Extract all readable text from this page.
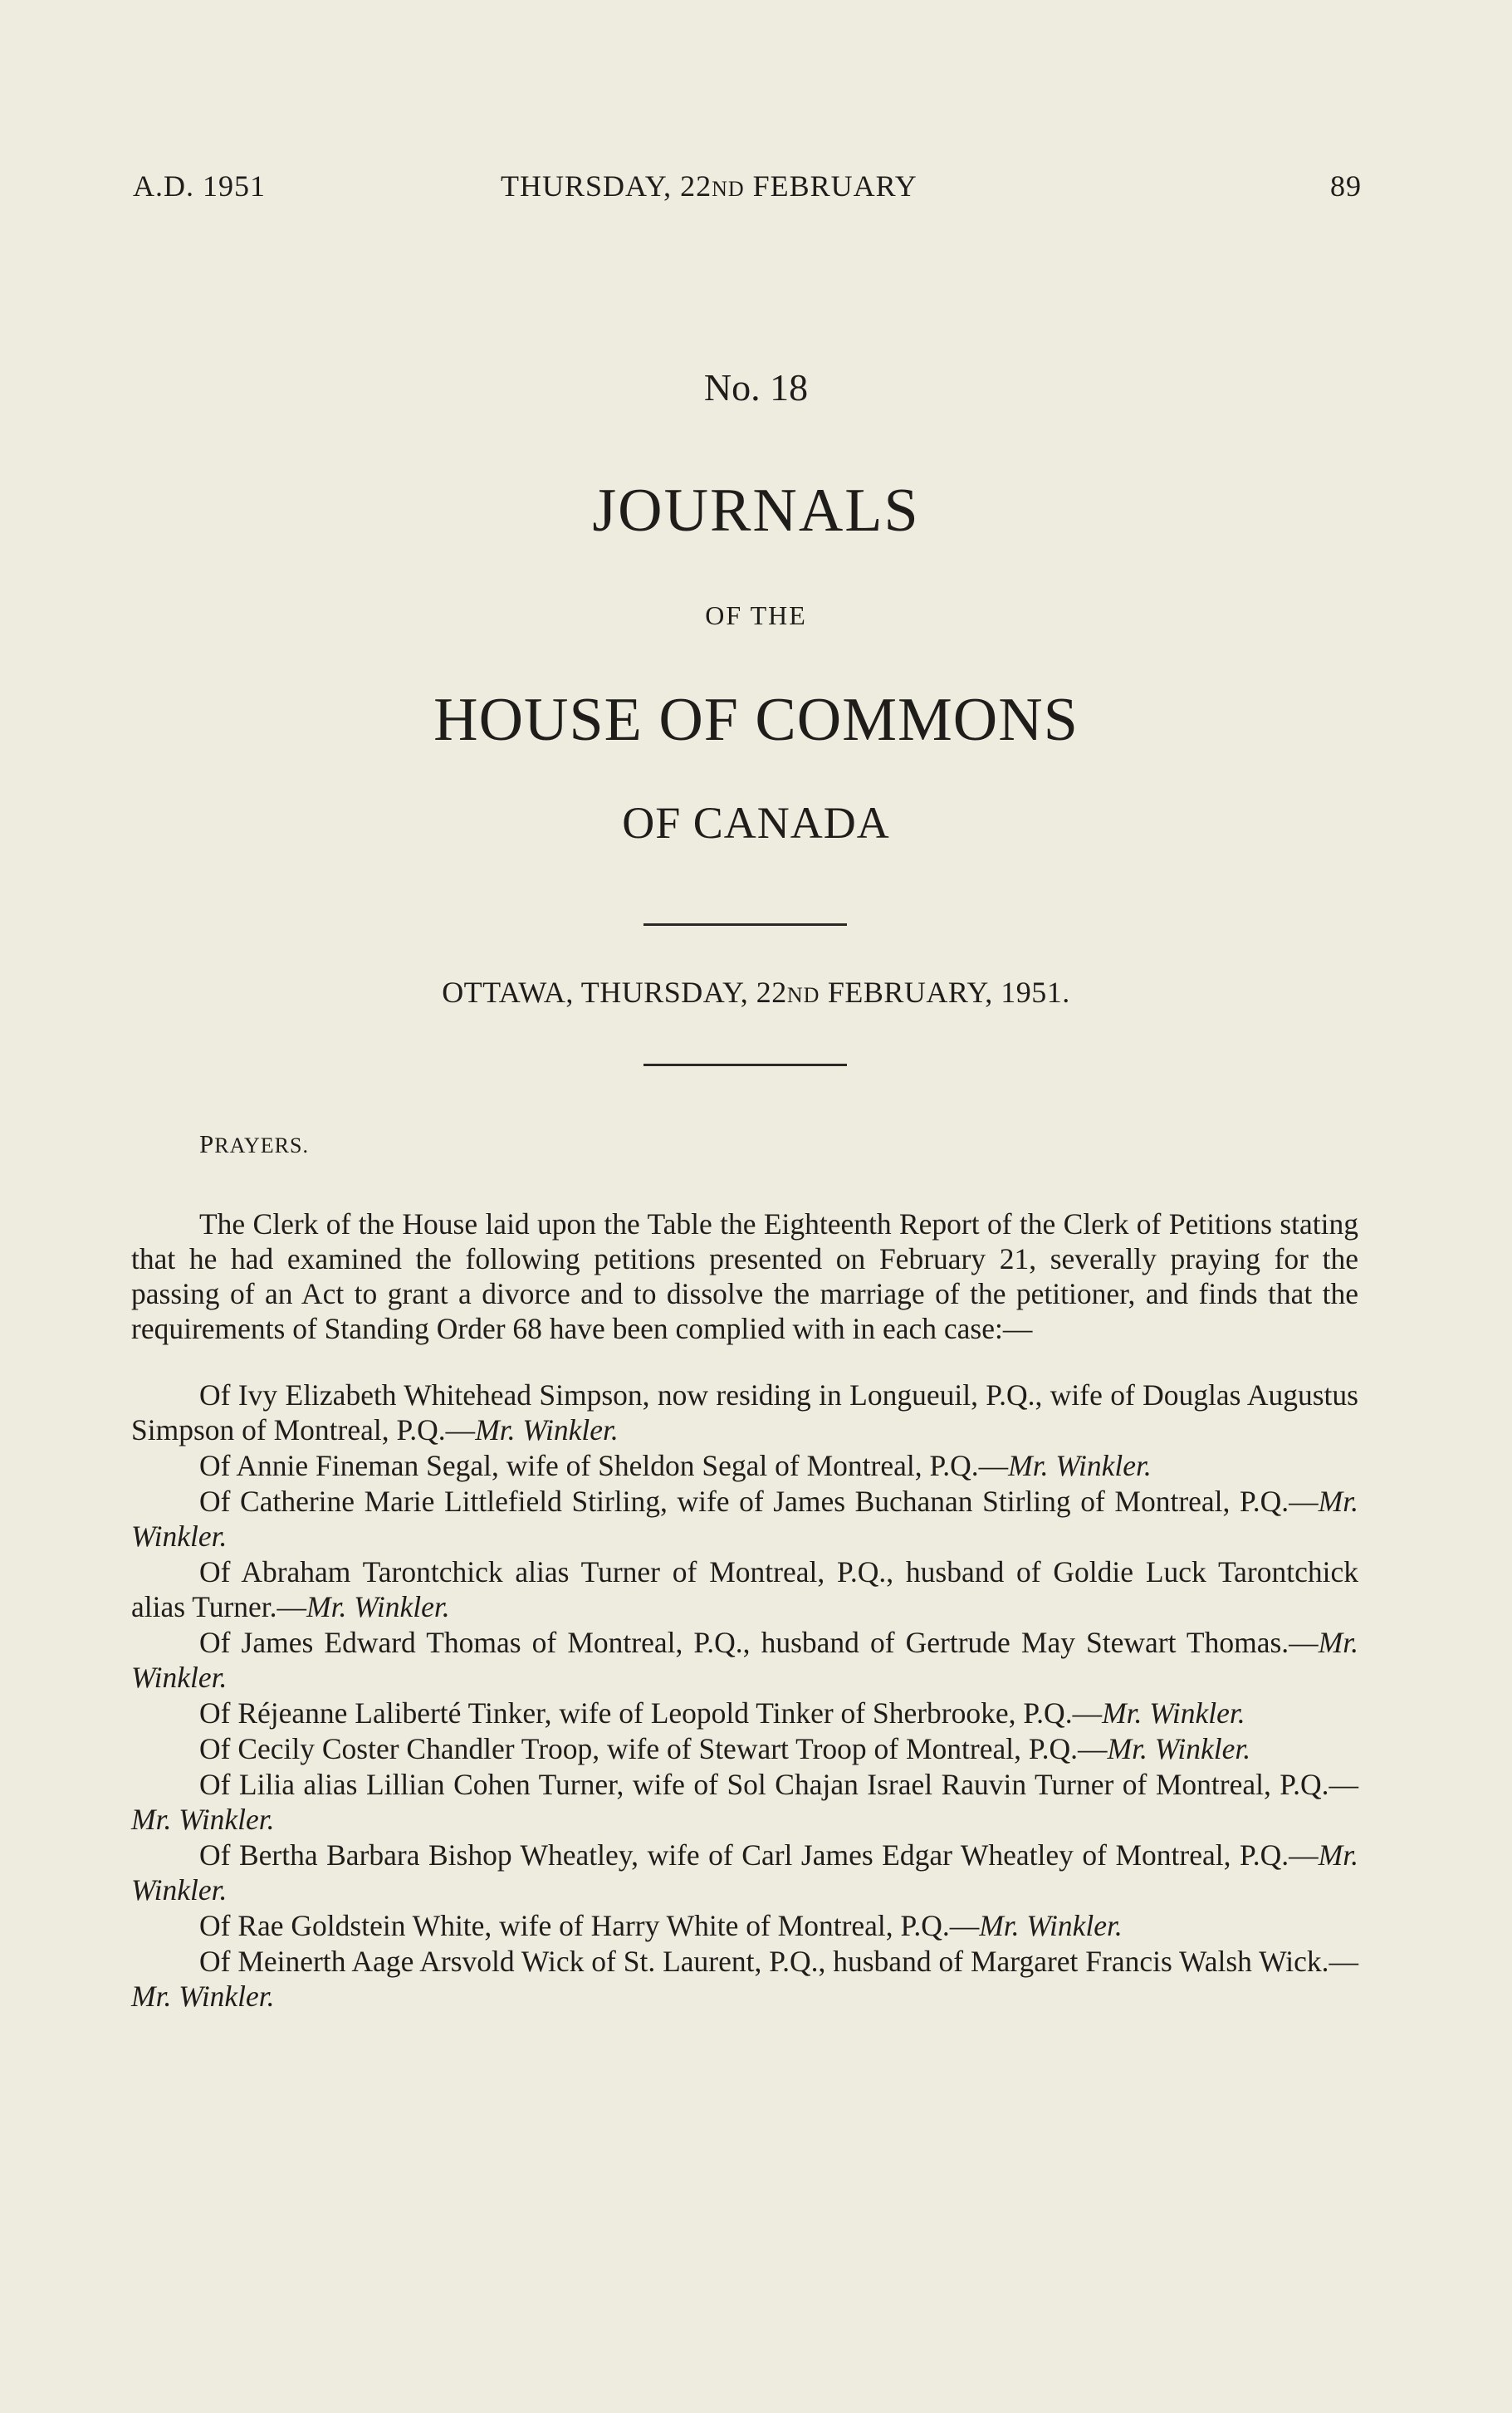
A.D. 1951	THURSDAY, 22ND FEBRUARY	89
No. 18
JOURNALS
OF THE
HOUSE OF COMMONS
OF CANADA
OTTAWA, THURSDAY, 22ND FEBRUARY, 1951.
PRAYERS.

The Clerk of the House laid upon the Table the Eighteenth Report of the Clerk of Petitions stating that he had examined the following petitions presented on February 21, severally praying for the passing of an Act to grant a divorce and to dissolve the marriage of the petitioner, and finds that the requirements of Standing Order 68 have been complied with in each case:—

Of Ivy Elizabeth Whitehead Simpson, now residing in Longueuil, P.Q., wife of Douglas Augustus Simpson of Montreal, P.Q.—Mr. Winkler.

Of Annie Fineman Segal, wife of Sheldon Segal of Montreal, P.Q.—Mr. Winkler.

Of Catherine Marie Littlefield Stirling, wife of James Buchanan Stirling of Montreal, P.Q.—Mr. Winkler.

Of Abraham Tarontchick alias Turner of Montreal, P.Q., husband of Goldie Luck Tarontchick alias Turner.—Mr. Winkler.

Of James Edward Thomas of Montreal, P.Q., husband of Gertrude May Stewart Thomas.—Mr. Winkler.

Of Réjeanne Laliberté Tinker, wife of Leopold Tinker of Sherbrooke, P.Q.—Mr. Winkler.

Of Cecily Coster Chandler Troop, wife of Stewart Troop of Montreal, P.Q.—Mr. Winkler.

Of Lilia alias Lillian Cohen Turner, wife of Sol Chajan Israel Rauvin Turner of Montreal, P.Q.—Mr. Winkler.

Of Bertha Barbara Bishop Wheatley, wife of Carl James Edgar Wheatley of Montreal, P.Q.—Mr. Winkler.

Of Rae Goldstein White, wife of Harry White of Montreal, P.Q.—Mr. Winkler.

Of Meinerth Aage Arsvold Wick of St. Laurent, P.Q., husband of Margaret Francis Walsh Wick.—Mr. Winkler.
